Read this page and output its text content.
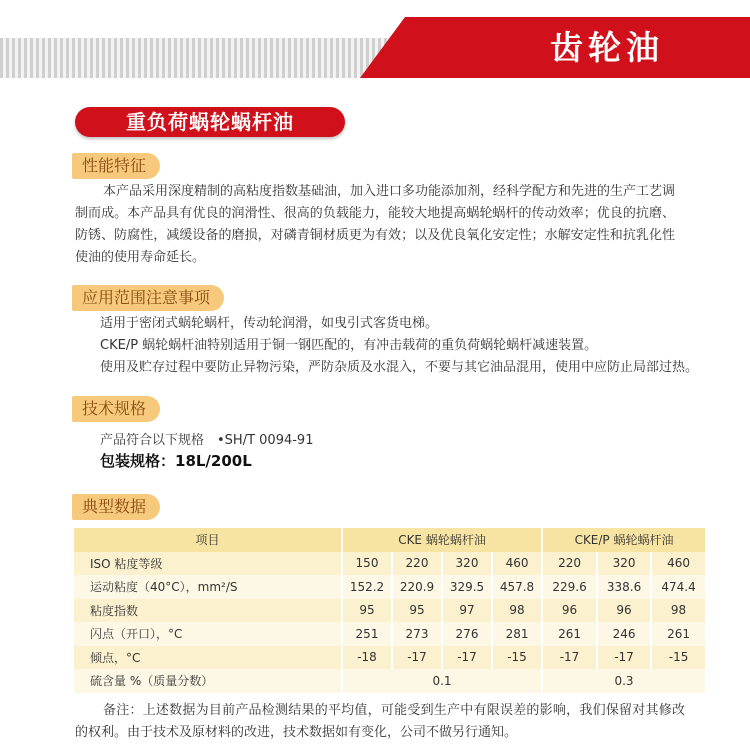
齿轮油
重负荷蜗轮蜗杆油
性能特征

本产品采用深度精制的高粘度指数基础油，加入进口多功能添加剂，经科学配方和先进的生产工艺调制而成。本产品具有优良的润滑性、很高的负载能力，能较大地提高蜗轮蜗杆的传动效率；优良的抗磨、防锈、防腐性，减缓设备的磨损，对磷青铜材质更为有效；以及优良氧化安定性；水解安定性和抗乳化性使油的使用寿命延长。

应用范围注意事项
适用于密闭式蜗轮蜗杆，传动轮润滑，如曳引式客货电梯。
CKE/P 蜗轮蜗杆油特别适用于铜一钢匹配的，有冲击载荷的重负荷蜗轮蜗杆减速装置。
使用及贮存过程中要防止异物污染，严防杂质及水混入，不要与其它油品混用，使用中应防止局部过热。
技术规格
产品符合以下规格　•SH/T 0094-91
包装规格：18L/200L
典型数据
项目	CKE 蜗轮蜗杆油				CKE/P 蜗轮蜗杆油		
ISO 粘度等级	150	220	320	460	220	320	460
运动粘度（40°C），mm²/S	152.2	220.9	329.5	457.8	229.6	338.6	474.4
粘度指数	95	95	97	98	96	96	98
闪点（开口），°C	251	273	276	281	261	246	261
倾点，°C	-18	-17	-17	-15	-17	-17	-15
硫含量 %（质量分数）	0.1				0.3		

备注：上述数据为目前产品检测结果的平均值，可能受到生产中有限误差的影响，我们保留对其修改的权利。由于技术及原材料的改进，技术数据如有变化，公司不做另行通知。
